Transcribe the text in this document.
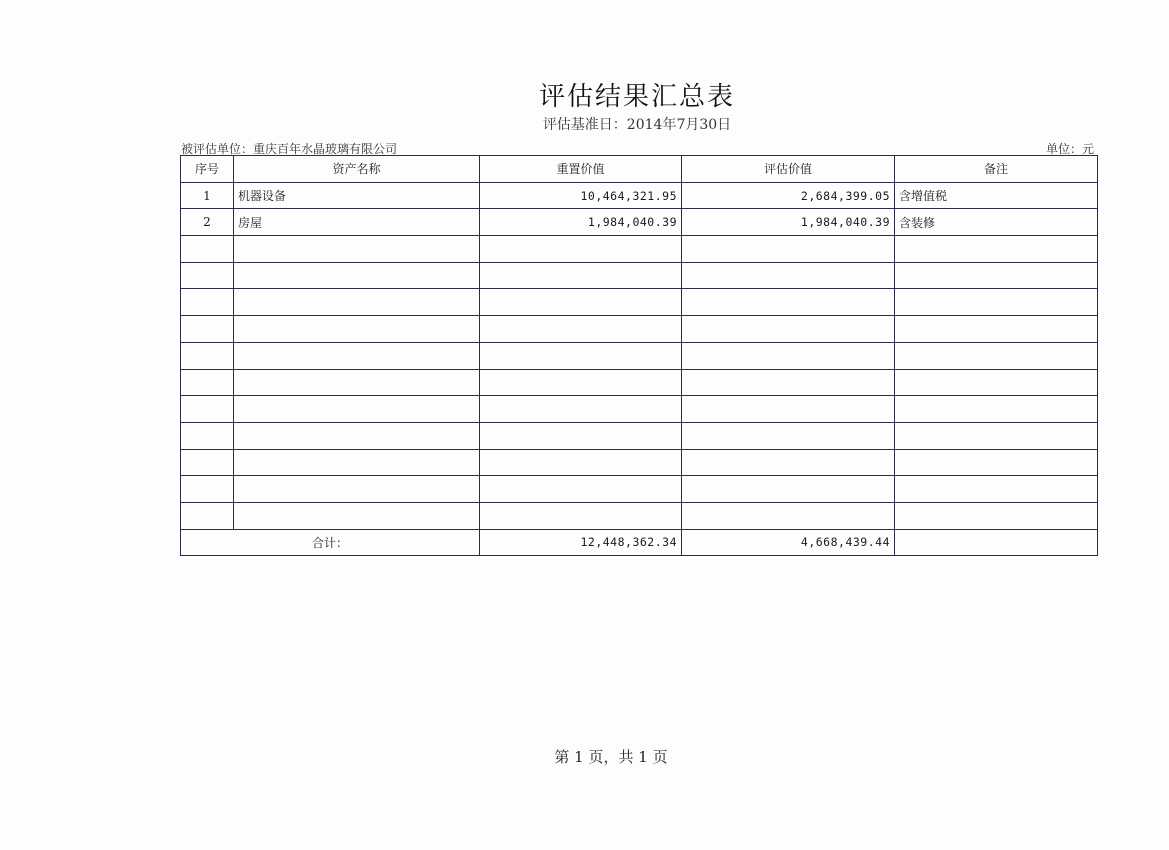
评估结果汇总表
评估基准日：2014年7月30日
被评估单位：重庆百年水晶玻璃有限公司	单位：元
序号	资产名称	重置价值	评估价值	备注
1	机器设备	10,464,321.95	2,684,399.05	含增值税
2	房屋	1,984,040.39	1,984,040.39	含装修

合计：		12,448,362.34	4,668,439.44	
第 1 页，共 1 页
